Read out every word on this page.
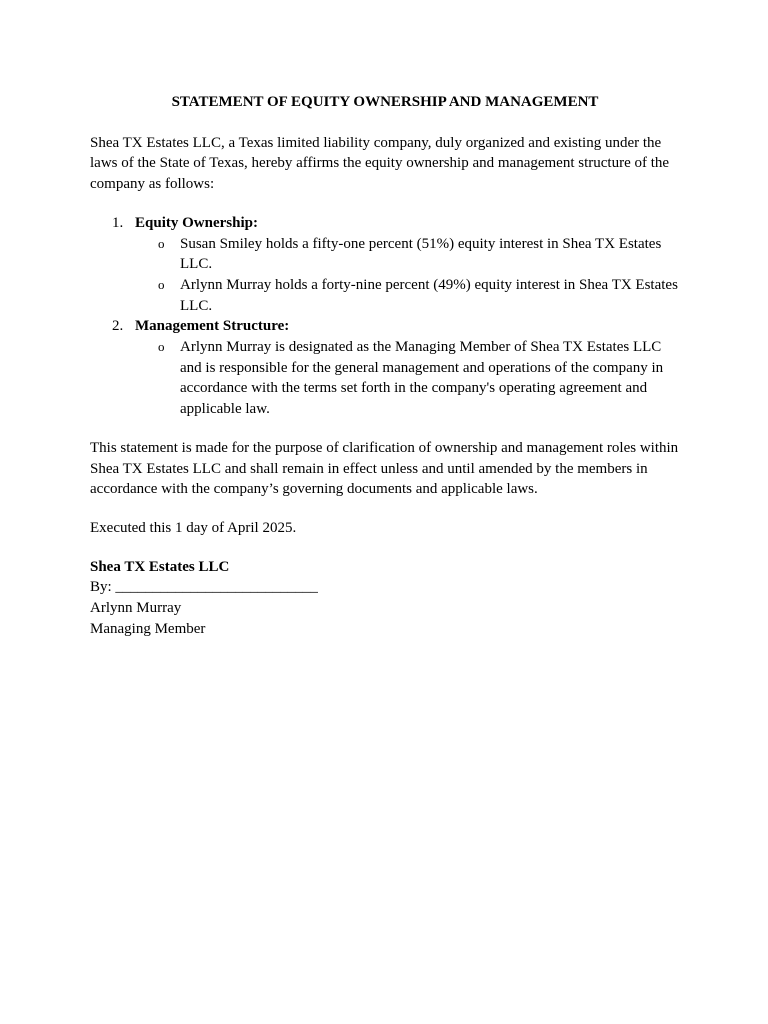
STATEMENT OF EQUITY OWNERSHIP AND MANAGEMENT

Shea TX Estates LLC, a Texas limited liability company, duly organized and existing under the laws of the State of Texas, hereby affirms the equity ownership and management structure of the company as follows:

1. Equity Ownership:
o Susan Smiley holds a fifty-one percent (51%) equity interest in Shea TX Estates LLC.
o Arlynn Murray holds a forty-nine percent (49%) equity interest in Shea TX Estates LLC.
2. Management Structure:
o Arlynn Murray is designated as the Managing Member of Shea TX Estates LLC and is responsible for the general management and operations of the company in accordance with the terms set forth in the company's operating agreement and applicable law.

This statement is made for the purpose of clarification of ownership and management roles within Shea TX Estates LLC and shall remain in effect unless and until amended by the members in accordance with the company’s governing documents and applicable laws.

Executed this 1 day of April 2025.

Shea TX Estates LLC

By: ___________________________

Arlynn Murray

Managing Member
